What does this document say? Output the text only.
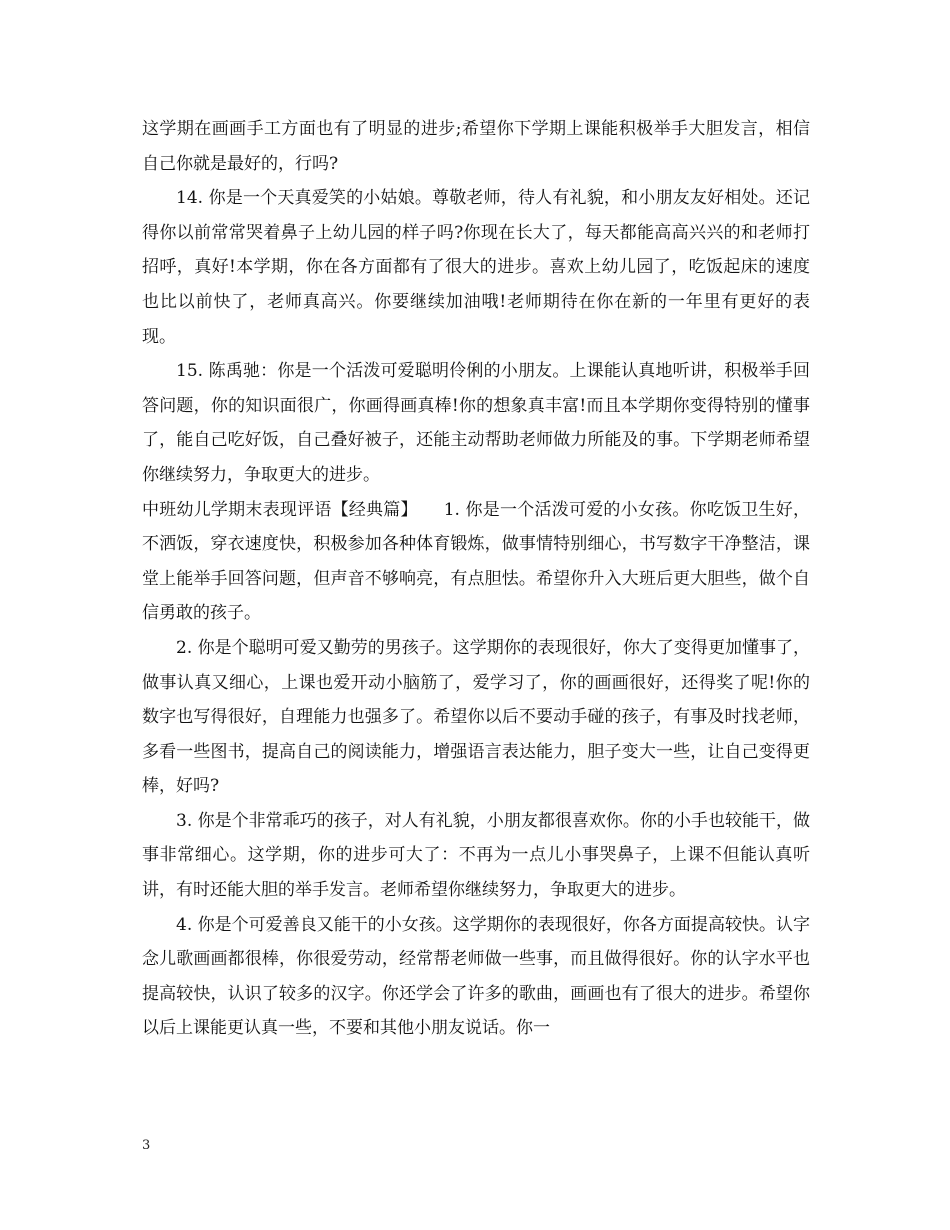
这学期在画画手工方面也有了明显的进步;希望你下学期上课能积极举手大胆发言，相信自己你就是最好的，行吗?

14. 你是一个天真爱笑的小姑娘。尊敬老师，待人有礼貌，和小朋友友好相处。还记得你以前常常哭着鼻子上幼儿园的样子吗?你现在长大了，每天都能高高兴兴的和老师打招呼，真好!本学期，你在各方面都有了很大的进步。喜欢上幼儿园了，吃饭起床的速度也比以前快了，老师真高兴。你要继续加油哦!老师期待在你在新的一年里有更好的表现。

15. 陈禹驰：你是一个活泼可爱聪明伶俐的小朋友。上课能认真地听讲，积极举手回答问题，你的知识面很广，你画得画真棒!你的想象真丰富!而且本学期你变得特别的懂事了，能自己吃好饭，自己叠好被子，还能主动帮助老师做力所能及的事。下学期老师希望你继续努力，争取更大的进步。

中班幼儿学期末表现评语【经典篇】　　1. 你是一个活泼可爱的小女孩。你吃饭卫生好，不洒饭，穿衣速度快，积极参加各种体育锻炼，做事情特别细心，书写数字干净整洁，课堂上能举手回答问题，但声音不够响亮，有点胆怯。希望你升入大班后更大胆些，做个自信勇敢的孩子。

2. 你是个聪明可爱又勤劳的男孩子。这学期你的表现很好，你大了变得更加懂事了，做事认真又细心，上课也爱开动小脑筋了，爱学习了，你的画画很好，还得奖了呢!你的数字也写得很好，自理能力也强多了。希望你以后不要动手碰的孩子，有事及时找老师，多看一些图书，提高自己的阅读能力，增强语言表达能力，胆子变大一些，让自己变得更棒，好吗?

3. 你是个非常乖巧的孩子，对人有礼貌，小朋友都很喜欢你。你的小手也较能干，做事非常细心。这学期，你的进步可大了：不再为一点儿小事哭鼻子，上课不但能认真听讲，有时还能大胆的举手发言。老师希望你继续努力，争取更大的进步。

4. 你是个可爱善良又能干的小女孩。这学期你的表现很好，你各方面提高较快。认字念儿歌画画都很棒，你很爱劳动，经常帮老师做一些事，而且做得很好。你的认字水平也提高较快，认识了较多的汉字。你还学会了许多的歌曲，画画也有了很大的进步。希望你以后上课能更认真一些，不要和其他小朋友说话。你一

3
